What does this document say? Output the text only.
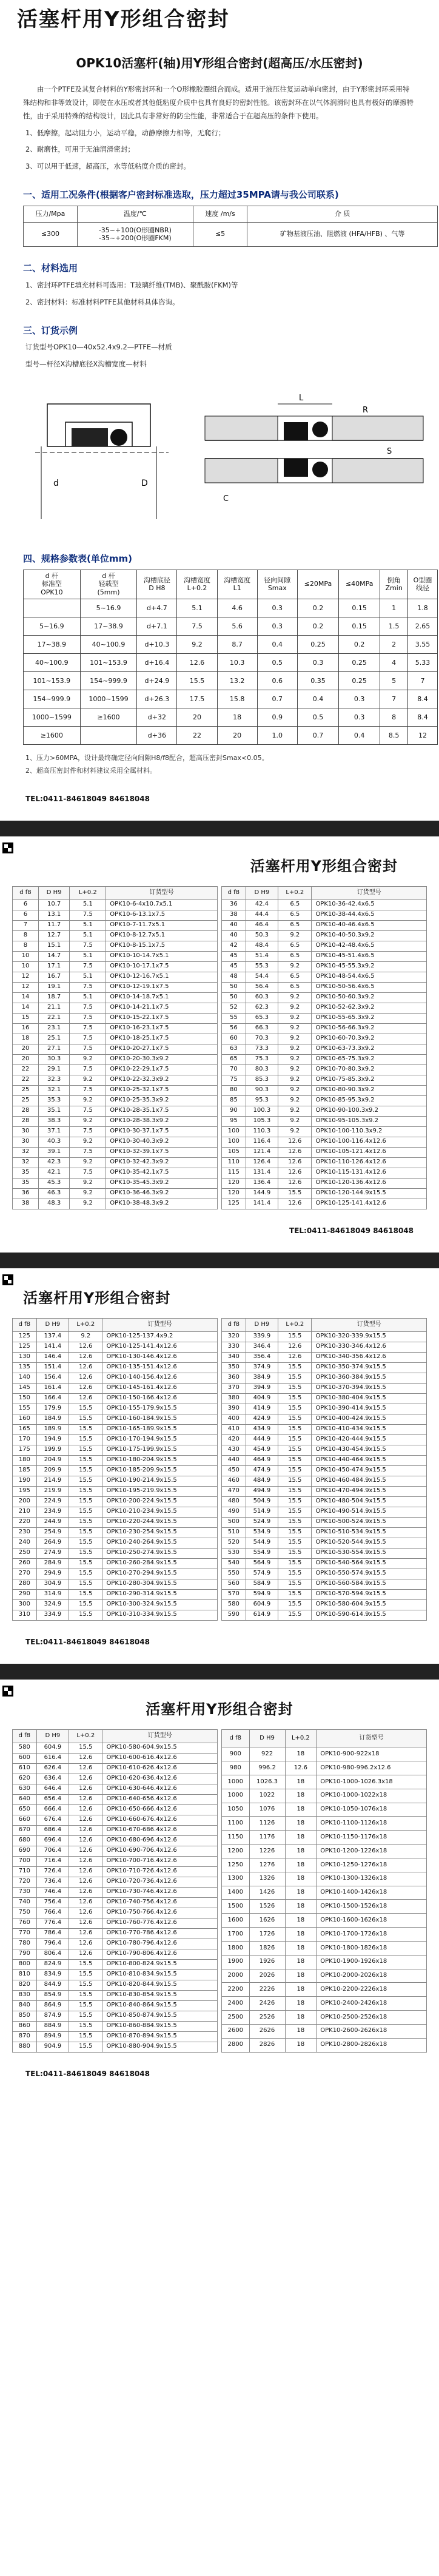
活塞杆用Y形组合密封
OPK10活塞杆(轴)用Y形组合密封(超高压/水压密封)

由一个PTFE及其复合材料的Y形密封环和一个O形橡胶圈组合而成。适用于液压往复运动单向密封，由于Y形密封环采用特殊结构和非等效设计，即使在水压或者其他低粘度介质中也具有良好的密封性能。该密封环在以气体润滑时也具有极好的摩擦特性，由于采用特殊的结构设计，因此具有非常好的防尘性能，非常适合于在超高压的条件下使用。

1、低摩擦，起动阻力小，运动平稳，动静摩擦力相等，无爬行；
2、耐磨性，可用于无油润滑密封；
3、可以用于低速，超高压，水等低粘度介质的密封。
一、适用工况条件(根据客户密封标准选取，压力超过35MPA请与我公司联系)
压力/Mpa	温度/℃	速度 /m/s	介 质
≤300	-35~+100(O形圈NBR)
-35~+200(O形圈FKM)	≤5	矿物基液压油、阻燃液 (HFA/HFB) 、气等
二、材料选用
1、密封环PTFE填充材料可选用：T玻璃纤维(TMB)、聚酰胺(FKM)等
2、密封材料：标准材料PTFE其他材料具体咨询。
三、订货示例
订货型号OPK10—40x52.4x9.2—PTFE—材质
型号—杆径X沟槽底径X沟槽宽度—材料
d	D
L
R
S
C
四、规格参数表(单位mm)
d 杆
标准型
OPK10	d 杆
轻载型
(5mm)	沟槽底径
D H8	沟槽宽度
L+0.2	沟槽宽度
L1	径向间隙
Smax	≤20MPa	≤40MPa	倒角
Zmin	O型圈
线径
	5~16.9	d+4.7	5.1	4.6	0.3	0.2	0.15	1	1.8
5~16.9	17~38.9	d+7.1	7.5	5.6	0.3	0.2	0.15	1.5	2.65
17~38.9	40~100.9	d+10.3	9.2	8.7	0.4	0.25	0.2	2	3.55
40~100.9	101~153.9	d+16.4	12.6	10.3	0.5	0.3	0.25	4	5.33
101~153.9	154~999.9	d+24.9	15.5	13.2	0.6	0.35	0.25	5	7
154~999.9	1000~1599	d+26.3	17.5	15.8	0.7	0.4	0.3	7	8.4
1000~1599	≥1600	d+32	20	18	0.9	0.5	0.3	8	8.4
≥1600		d+36	22	20	1.0	0.7	0.4	8.5	12
1、压力>60MPA，设计最终确定径向间隙H8/f8配合，超高压密封Smax<0.05。
2、超高压密封件和材料建议采用全属材料。
TEL:0411-84618049 84618048
活塞杆用Y形组合密封
d f8	D H9	L+0.2	订货型号
6	10.7	5.1	OPK10-6-4x10.7x5.1
6	13.1	7.5	OPK10-6-13.1x7.5
7	11.7	5.1	OPK10-7-11.7x5.1
8	12.7	5.1	OPK10-8-12.7x5.1
8	15.1	7.5	OPK10-8-15.1x7.5
10	14.7	5.1	OPK10-10-14.7x5.1
10	17.1	7.5	OPK10-10-17.1x7.5
12	16.7	5.1	OPK10-12-16.7x5.1
12	19.1	7.5	OPK10-12-19.1x7.5
14	18.7	5.1	OPK10-14-18.7x5.1
14	21.1	7.5	OPK10-14-21.1x7.5
15	22.1	7.5	OPK10-15-22.1x7.5
16	23.1	7.5	OPK10-16-23.1x7.5
18	25.1	7.5	OPK10-18-25.1x7.5
20	27.1	7.5	OPK10-20-27.1x7.5
20	30.3	9.2	OPK10-20-30.3x9.2
22	29.1	7.5	OPK10-22-29.1x7.5
22	32.3	9.2	OPK10-22-32.3x9.2
25	32.1	7.5	OPK10-25-32.1x7.5
25	35.3	9.2	OPK10-25-35.3x9.2
28	35.1	7.5	OPK10-28-35.1x7.5
28	38.3	9.2	OPK10-28-38.3x9.2
30	37.1	7.5	OPK10-30-37.1x7.5
30	40.3	9.2	OPK10-30-40.3x9.2
32	39.1	7.5	OPK10-32-39.1x7.5
32	42.3	9.2	OPK10-32-42.3x9.2
35	42.1	7.5	OPK10-35-42.1x7.5
35	45.3	9.2	OPK10-35-45.3x9.2
36	46.3	9.2	OPK10-36-46.3x9.2
38	48.3	9.2	OPK10-38-48.3x9.2
d f8	D H9	L+0.2	订货型号
36	42.4	6.5	OPK10-36-42.4x6.5
38	44.4	6.5	OPK10-38-44.4x6.5
40	46.4	6.5	OPK10-40-46.4x6.5
40	50.3	9.2	OPK10-40-50.3x9.2
42	48.4	6.5	OPK10-42-48.4x6.5
45	51.4	6.5	OPK10-45-51.4x6.5
45	55.3	9.2	OPK10-45-55.3x9.2
48	54.4	6.5	OPK10-48-54.4x6.5
50	56.4	6.5	OPK10-50-56.4x6.5
50	60.3	9.2	OPK10-50-60.3x9.2
52	62.3	9.2	OPK10-52-62.3x9.2
55	65.3	9.2	OPK10-55-65.3x9.2
56	66.3	9.2	OPK10-56-66.3x9.2
60	70.3	9.2	OPK10-60-70.3x9.2
63	73.3	9.2	OPK10-63-73.3x9.2
65	75.3	9.2	OPK10-65-75.3x9.2
70	80.3	9.2	OPK10-70-80.3x9.2
75	85.3	9.2	OPK10-75-85.3x9.2
80	90.3	9.2	OPK10-80-90.3x9.2
85	95.3	9.2	OPK10-85-95.3x9.2
90	100.3	9.2	OPK10-90-100.3x9.2
95	105.3	9.2	OPK10-95-105.3x9.2
100	110.3	9.2	OPK10-100-110.3x9.2
100	116.4	12.6	OPK10-100-116.4x12.6
105	121.4	12.6	OPK10-105-121.4x12.6
110	126.4	12.6	OPK10-110-126.4x12.6
115	131.4	12.6	OPK10-115-131.4x12.6
120	136.4	12.6	OPK10-120-136.4x12.6
120	144.9	15.5	OPK10-120-144.9x15.5
125	141.4	12.6	OPK10-125-141.4x12.6
TEL:0411-84618049 84618048
活塞杆用Y形组合密封
d f8	D H9	L+0.2	订货型号
125	137.4	9.2	OPK10-125-137.4x9.2
125	141.4	12.6	OPK10-125-141.4x12.6
130	146.4	12.6	OPK10-130-146.4x12.6
135	151.4	12.6	OPK10-135-151.4x12.6
140	156.4	12.6	OPK10-140-156.4x12.6
145	161.4	12.6	OPK10-145-161.4x12.6
150	166.4	12.6	OPK10-150-166.4x12.6
155	179.9	15.5	OPK10-155-179.9x15.5
160	184.9	15.5	OPK10-160-184.9x15.5
165	189.9	15.5	OPK10-165-189.9x15.5
170	194.9	15.5	OPK10-170-194.9x15.5
175	199.9	15.5	OPK10-175-199.9x15.5
180	204.9	15.5	OPK10-180-204.9x15.5
185	209.9	15.5	OPK10-185-209.9x15.5
190	214.9	15.5	OPK10-190-214.9x15.5
195	219.9	15.5	OPK10-195-219.9x15.5
200	224.9	15.5	OPK10-200-224.9x15.5
210	234.9	15.5	OPK10-210-234.9x15.5
220	244.9	15.5	OPK10-220-244.9x15.5
230	254.9	15.5	OPK10-230-254.9x15.5
240	264.9	15.5	OPK10-240-264.9x15.5
250	274.9	15.5	OPK10-250-274.9x15.5
260	284.9	15.5	OPK10-260-284.9x15.5
270	294.9	15.5	OPK10-270-294.9x15.5
280	304.9	15.5	OPK10-280-304.9x15.5
290	314.9	15.5	OPK10-290-314.9x15.5
300	324.9	15.5	OPK10-300-324.9x15.5
310	334.9	15.5	OPK10-310-334.9x15.5
d f8	D H9	L+0.2	订货型号
320	339.9	15.5	OPK10-320-339.9x15.5
330	346.4	12.6	OPK10-330-346.4x12.6
340	356.4	12.6	OPK10-340-356.4x12.6
350	374.9	15.5	OPK10-350-374.9x15.5
360	384.9	15.5	OPK10-360-384.9x15.5
370	394.9	15.5	OPK10-370-394.9x15.5
380	404.9	15.5	OPK10-380-404.9x15.5
390	414.9	15.5	OPK10-390-414.9x15.5
400	424.9	15.5	OPK10-400-424.9x15.5
410	434.9	15.5	OPK10-410-434.9x15.5
420	444.9	15.5	OPK10-420-444.9x15.5
430	454.9	15.5	OPK10-430-454.9x15.5
440	464.9	15.5	OPK10-440-464.9x15.5
450	474.9	15.5	OPK10-450-474.9x15.5
460	484.9	15.5	OPK10-460-484.9x15.5
470	494.9	15.5	OPK10-470-494.9x15.5
480	504.9	15.5	OPK10-480-504.9x15.5
490	514.9	15.5	OPK10-490-514.9x15.5
500	524.9	15.5	OPK10-500-524.9x15.5
510	534.9	15.5	OPK10-510-534.9x15.5
520	544.9	15.5	OPK10-520-544.9x15.5
530	554.9	15.5	OPK10-530-554.9x15.5
540	564.9	15.5	OPK10-540-564.9x15.5
550	574.9	15.5	OPK10-550-574.9x15.5
560	584.9	15.5	OPK10-560-584.9x15.5
570	594.9	15.5	OPK10-570-594.9x15.5
580	604.9	15.5	OPK10-580-604.9x15.5
590	614.9	15.5	OPK10-590-614.9x15.5
TEL:0411-84618049 84618048
活塞杆用Y形组合密封
d f8	D H9	L+0.2	订货型号
580	604.9	15.5	OPK10-580-604.9x15.5
600	616.4	12.6	OPK10-600-616.4x12.6
610	626.4	12.6	OPK10-610-626.4x12.6
620	636.4	12.6	OPK10-620-636.4x12.6
630	646.4	12.6	OPK10-630-646.4x12.6
640	656.4	12.6	OPK10-640-656.4x12.6
650	666.4	12.6	OPK10-650-666.4x12.6
660	676.4	12.6	OPK10-660-676.4x12.6
670	686.4	12.6	OPK10-670-686.4x12.6
680	696.4	12.6	OPK10-680-696.4x12.6
690	706.4	12.6	OPK10-690-706.4x12.6
700	716.4	12.6	OPK10-700-716.4x12.6
710	726.4	12.6	OPK10-710-726.4x12.6
720	736.4	12.6	OPK10-720-736.4x12.6
730	746.4	12.6	OPK10-730-746.4x12.6
740	756.4	12.6	OPK10-740-756.4x12.6
750	766.4	12.6	OPK10-750-766.4x12.6
760	776.4	12.6	OPK10-760-776.4x12.6
770	786.4	12.6	OPK10-770-786.4x12.6
780	796.4	12.6	OPK10-780-796.4x12.6
790	806.4	12.6	OPK10-790-806.4x12.6
800	824.9	15.5	OPK10-800-824.9x15.5
810	834.9	15.5	OPK10-810-834.9x15.5
820	844.9	15.5	OPK10-820-844.9x15.5
830	854.9	15.5	OPK10-830-854.9x15.5
840	864.9	15.5	OPK10-840-864.9x15.5
850	874.9	15.5	OPK10-850-874.9x15.5
860	884.9	15.5	OPK10-860-884.9x15.5
870	894.9	15.5	OPK10-870-894.9x15.5
880	904.9	15.5	OPK10-880-904.9x15.5
d f8	D H9	L+0.2	订货型号
900	922	18	OPK10-900-922x18
980	996.2	12.6	OPK10-980-996.2x12.6
1000	1026.3	18	OPK10-1000-1026.3x18
1000	1022	18	OPK10-1000-1022x18
1050	1076	18	OPK10-1050-1076x18
1100	1126	18	OPK10-1100-1126x18
1150	1176	18	OPK10-1150-1176x18
1200	1226	18	OPK10-1200-1226x18
1250	1276	18	OPK10-1250-1276x18
1300	1326	18	OPK10-1300-1326x18
1400	1426	18	OPK10-1400-1426x18
1500	1526	18	OPK10-1500-1526x18
1600	1626	18	OPK10-1600-1626x18
1700	1726	18	OPK10-1700-1726x18
1800	1826	18	OPK10-1800-1826x18
1900	1926	18	OPK10-1900-1926x18
2000	2026	18	OPK10-2000-2026x18
2200	2226	18	OPK10-2200-2226x18
2400	2426	18	OPK10-2400-2426x18
2500	2526	18	OPK10-2500-2526x18
2600	2626	18	OPK10-2600-2626x18
2800	2826	18	OPK10-2800-2826x18
TEL:0411-84618049 84618048
